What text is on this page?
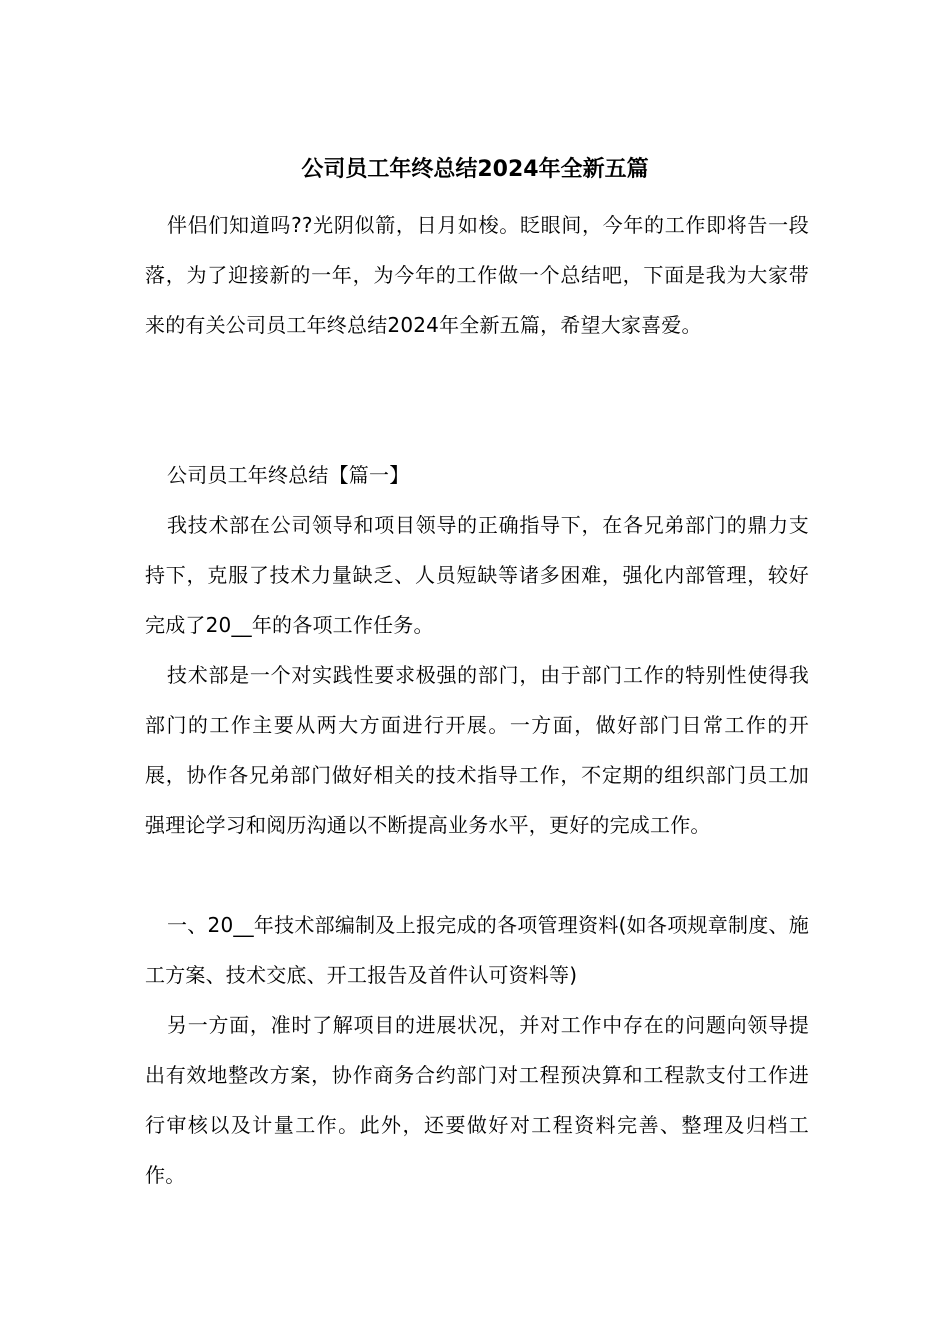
公司员工年终总结2024年全新五篇

伴侣们知道吗??光阴似箭，日月如梭。眨眼间，今年的工作即将告一段落，为了迎接新的一年，为今年的工作做一个总结吧，下面是我为大家带来的有关公司员工年终总结2024年全新五篇，希望大家喜爱。

公司员工年终总结【篇一】

我技术部在公司领导和项目领导的正确指导下，在各兄弟部门的鼎力支持下，克服了技术力量缺乏、人员短缺等诸多困难，强化内部管理，较好完成了20__年的各项工作任务。

技术部是一个对实践性要求极强的部门，由于部门工作的特别性使得我部门的工作主要从两大方面进行开展。一方面，做好部门日常工作的开展，协作各兄弟部门做好相关的技术指导工作，不定期的组织部门员工加强理论学习和阅历沟通以不断提高业务水平，更好的完成工作。

一、20__年技术部编制及上报完成的各项管理资料(如各项规章制度、施工方案、技术交底、开工报告及首件认可资料等)

另一方面，准时了解项目的进展状况，并对工作中存在的问题向领导提出有效地整改方案，协作商务合约部门对工程预决算和工程款支付工作进行审核以及计量工作。此外，还要做好对工程资料完善、整理及归档工作。
